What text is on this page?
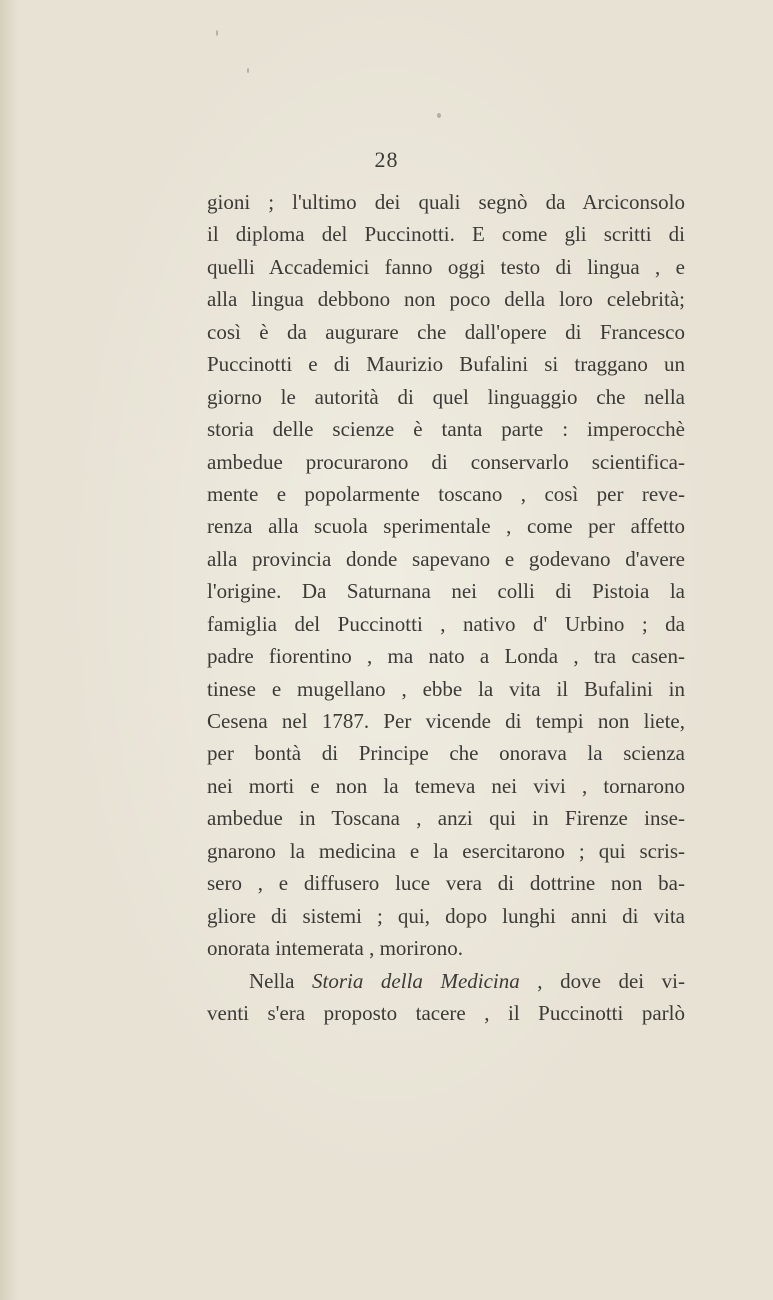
28
gioni ; l'ultimo dei quali segnò da Arciconsolo
il diploma del Puccinotti. E come gli scritti di
quelli Accademici fanno oggi testo di lingua , e
alla lingua debbono non poco della loro celebrità;
così è da augurare che dall'opere di Francesco
Puccinotti e di Maurizio Bufalini si traggano un
giorno le autorità di quel linguaggio che nella
storia delle scienze è tanta parte : imperocchè
ambedue procurarono di conservarlo scientifica-
mente e popolarmente toscano , così per reve-
renza alla scuola sperimentale , come per affetto
alla provincia donde sapevano e godevano d'avere
l'origine. Da Saturnana nei colli di Pistoia la
famiglia del Puccinotti , nativo d' Urbino ; da
padre fiorentino , ma nato a Londa , tra casen-
tinese e mugellano , ebbe la vita il Bufalini in
Cesena nel 1787. Per vicende di tempi non liete,
per bontà di Principe che onorava la scienza
nei morti e non la temeva nei vivi , tornarono
ambedue in Toscana , anzi qui in Firenze inse-
gnarono la medicina e la esercitarono ; qui scris-
sero , e diffusero luce vera di dottrine non ba-
gliore di sistemi ; qui, dopo lunghi anni di vita
onorata intemerata , morirono.
Nella Storia della Medicina , dove dei vi-
venti s'era proposto tacere , il Puccinotti parlò
